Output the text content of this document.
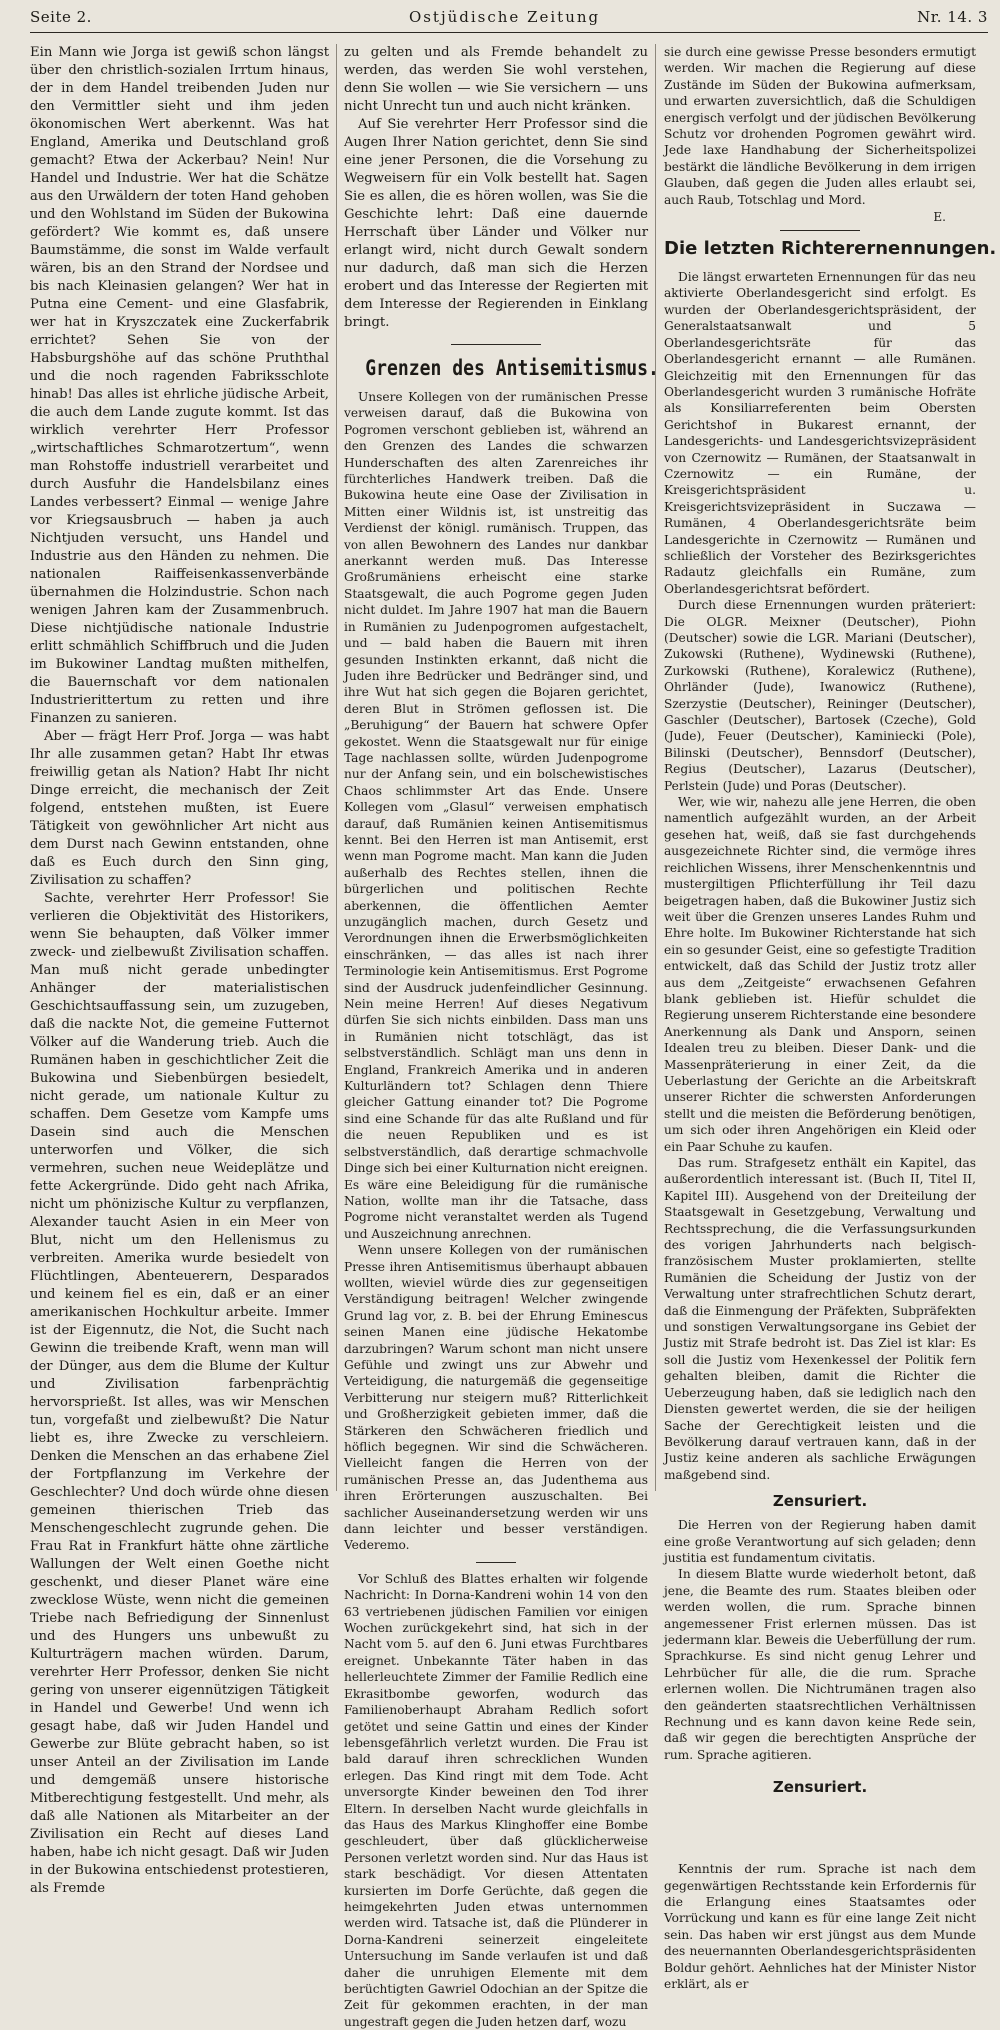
Seite 2.	Ostjüdische Zeitung	Nr. 14. 3

Ein Mann wie Jorga ist gewiß schon längst über den christlich-sozialen Irrtum hinaus, der in dem Handel treibenden Juden nur den Vermittler sieht und ihm jeden ökonomischen Wert aberkennt. Was hat England, Amerika und Deutschland groß gemacht? Etwa der Ackerbau? Nein! Nur Handel und Industrie. Wer hat die Schätze aus den Urwäldern der toten Hand gehoben und den Wohlstand im Süden der Bukowina gefördert? Wie kommt es, daß unsere Baumstämme, die sonst im Walde verfault wären, bis an den Strand der Nordsee und bis nach Kleinasien gelangen? Wer hat in Putna eine Cement- und eine Glasfabrik, wer hat in Kryszczatek eine Zuckerfabrik errichtet? Sehen Sie von der Habsburgshöhe auf das schöne Pruththal und die noch ragenden Fabriksschlote hinab! Das alles ist ehrliche jüdische Arbeit, die auch dem Lande zugute kommt. Ist das wirklich verehrter Herr Professor „wirtschaftliches Schmarotzertum“, wenn man Rohstoffe industriell verarbeitet und durch Ausfuhr die Handelsbilanz eines Landes verbessert? Einmal — wenige Jahre vor Kriegsausbruch — haben ja auch Nichtjuden versucht, uns Handel und Industrie aus den Händen zu nehmen. Die nationalen Raiffeisenkassenverbände übernahmen die Holzindustrie. Schon nach wenigen Jahren kam der Zusammenbruch. Diese nichtjüdische nationale Industrie erlitt schmählich Schiffbruch und die Juden im Bukowiner Landtag mußten mithelfen, die Bauernschaft vor dem nationalen Industrierittertum zu retten und ihre Finanzen zu sanieren.

Aber — frägt Herr Prof. Jorga — was habt Ihr alle zusammen getan? Habt Ihr etwas freiwillig getan als Nation? Habt Ihr nicht Dinge erreicht, die mechanisch der Zeit folgend, entstehen mußten, ist Euere Tätigkeit von gewöhnlicher Art nicht aus dem Durst nach Gewinn entstanden, ohne daß es Euch durch den Sinn ging, Zivilisation zu schaffen?

Sachte, verehrter Herr Professor! Sie verlieren die Objektivität des Historikers, wenn Sie behaupten, daß Völker immer zweck- und zielbewußt Zivilisation schaffen. Man muß nicht gerade unbedingter Anhänger der materialistischen Geschichtsauffassung sein, um zuzugeben, daß die nackte Not, die gemeine Futternot Völker auf die Wanderung trieb. Auch die Rumänen haben in geschichtlicher Zeit die Bukowina und Siebenbürgen besiedelt, nicht gerade, um nationale Kultur zu schaffen. Dem Gesetze vom Kampfe ums Dasein sind auch die Menschen unterworfen und Völker, die sich vermehren, suchen neue Weideplätze und fette Ackergründe. Dido geht nach Afrika, nicht um phönizische Kultur zu verpflanzen, Alexander taucht Asien in ein Meer von Blut, nicht um den Hellenismus zu verbreiten. Amerika wurde besiedelt von Flüchtlingen, Abenteuerern, Desparados und keinem fiel es ein, daß er an einer amerikanischen Hochkultur arbeite. Immer ist der Eigennutz, die Not, die Sucht nach Gewinn die treibende Kraft, wenn man will der Dünger, aus dem die Blume der Kultur und Zivilisation farbenprächtig hervorsprießt. Ist alles, was wir Menschen tun, vorgefaßt und zielbewußt? Die Natur liebt es, ihre Zwecke zu verschleiern. Denken die Menschen an das erhabene Ziel der Fortpflanzung im Verkehre der Geschlechter? Und doch würde ohne diesen gemeinen thierischen Trieb das Menschengeschlecht zugrunde gehen. Die Frau Rat in Frankfurt hätte ohne zärtliche Wallungen der Welt einen Goethe nicht geschenkt, und dieser Planet wäre eine zwecklose Wüste, wenn nicht die gemeinen Triebe nach Befriedigung der Sinnenlust und des Hungers uns unbewußt zu Kulturträgern machen würden. Darum, verehrter Herr Professor, denken Sie nicht gering von unserer eigennützigen Tätigkeit in Handel und Gewerbe! Und wenn ich gesagt habe, daß wir Juden Handel und Gewerbe zur Blüte gebracht haben, so ist unser Anteil an der Zivilisation im Lande und demgemäß unsere historische Mitberechtigung festgestellt. Und mehr, als daß alle Nationen als Mitarbeiter an der Zivilisation ein Recht auf dieses Land haben, habe ich nicht gesagt. Daß wir Juden in der Bukowina entschiedenst protestieren, als Fremde

zu gelten und als Fremde behandelt zu werden, das werden Sie wohl verstehen, denn Sie wollen — wie Sie versichern — uns nicht Unrecht tun und auch nicht kränken.

Auf Sie verehrter Herr Professor sind die Augen Ihrer Nation gerichtet, denn Sie sind eine jener Personen, die die Vorsehung zu Wegweisern für ein Volk bestellt hat. Sagen Sie es allen, die es hören wollen, was Sie die Geschichte lehrt: Daß eine dauernde Herrschaft über Länder und Völker nur erlangt wird, nicht durch Gewalt sondern nur dadurch, daß man sich die Herzen erobert und das Interesse der Regierten mit dem Interesse der Regierenden in Einklang bringt.

Grenzen des Antisemitismus.

Unsere Kollegen von der rumänischen Presse verweisen darauf, daß die Bukowina von Pogromen verschont geblieben ist, während an den Grenzen des Landes die schwarzen Hunderschaften des alten Zarenreiches ihr fürchterliches Handwerk treiben. Daß die Bukowina heute eine Oase der Zivilisation in Mitten einer Wildnis ist, ist unstreitig das Verdienst der königl. rumänisch. Truppen, das von allen Bewohnern des Landes nur dankbar anerkannt werden muß. Das Interesse Großrumäniens erheischt eine starke Staatsgewalt, die auch Pogrome gegen Juden nicht duldet. Im Jahre 1907 hat man die Bauern in Rumänien zu Judenpogromen aufgestachelt, und — bald haben die Bauern mit ihren gesunden Instinkten erkannt, daß nicht die Juden ihre Bedrücker und Bedränger sind, und ihre Wut hat sich gegen die Bojaren gerichtet, deren Blut in Strömen geflossen ist. Die „Beruhigung“ der Bauern hat schwere Opfer gekostet. Wenn die Staatsgewalt nur für einige Tage nachlassen sollte, würden Judenpogrome nur der Anfang sein, und ein bolschewistisches Chaos schlimmster Art das Ende. Unsere Kollegen vom „Glasul“ verweisen emphatisch darauf, daß Rumänien keinen Antisemitismus kennt. Bei den Herren ist man Antisemit, erst wenn man Pogrome macht. Man kann die Juden außerhalb des Rechtes stellen, ihnen die bürgerlichen und politischen Rechte aberkennen, die öffentlichen Aemter unzugänglich machen, durch Gesetz und Verordnungen ihnen die Erwerbsmöglichkeiten einschränken, — das alles ist nach ihrer Terminologie kein Antisemitismus. Erst Pogrome sind der Ausdruck judenfeindlicher Gesinnung. Nein meine Herren! Auf dieses Negativum dürfen Sie sich nichts einbilden. Dass man uns in Rumänien nicht totschlägt, das ist selbstverständlich. Schlägt man uns denn in England, Frankreich Amerika und in anderen Kulturländern tot? Schlagen denn Thiere gleicher Gattung einander tot? Die Pogrome sind eine Schande für das alte Rußland und für die neuen Republiken und es ist selbstverständlich, daß derartige schmachvolle Dinge sich bei einer Kulturnation nicht ereignen. Es wäre eine Beleidigung für die rumänische Nation, wollte man ihr die Tatsache, dass Pogrome nicht veranstaltet werden als Tugend und Auszeichnung anrechnen.

Wenn unsere Kollegen von der rumänischen Presse ihren Antisemitismus überhaupt abbauen wollten, wieviel würde dies zur gegenseitigen Verständigung beitragen! Welcher zwingende Grund lag vor, z. B. bei der Ehrung Eminescus seinen Manen eine jüdische Hekatombe darzubringen? Warum schont man nicht unsere Gefühle und zwingt uns zur Abwehr und Verteidigung, die naturgemäß die gegenseitige Verbitterung nur steigern muß? Ritterlichkeit und Großherzigkeit gebieten immer, daß die Stärkeren den Schwächeren friedlich und höflich begegnen. Wir sind die Schwächeren. Vielleicht fangen die Herren von der rumänischen Presse an, das Judenthema aus ihren Erörterungen auszuschalten. Bei sachlicher Auseinandersetzung werden wir uns dann leichter und besser verständigen. Vederemo.

Vor Schluß des Blattes erhalten wir folgende Nachricht: In Dorna-Kandreni wohin 14 von den 63 vertriebenen jüdischen Familien vor einigen Wochen zurückgekehrt sind, hat sich in der Nacht vom 5. auf den 6. Juni etwas Furchtbares ereignet. Unbekannte Täter haben in das hellerleuchtete Zimmer der Familie Redlich eine Ekrasitbombe geworfen, wodurch das Familienoberhaupt Abraham Redlich sofort getötet und seine Gattin und eines der Kinder lebensgefährlich verletzt wurden. Die Frau ist bald darauf ihren schrecklichen Wunden erlegen. Das Kind ringt mit dem Tode. Acht unversorgte Kinder beweinen den Tod ihrer Eltern. In derselben Nacht wurde gleichfalls in das Haus des Markus Klinghoffer eine Bombe geschleudert, über daß glücklicherweise Personen verletzt worden sind. Nur das Haus ist stark beschädigt. Vor diesen Attentaten kursierten im Dorfe Gerüchte, daß gegen die heimgekehrten Juden etwas unternommen werden wird. Tatsache ist, daß die Plünderer in Dorna-Kandreni seinerzeit eingeleitete Untersuchung im Sande verlaufen ist und daß daher die unruhigen Elemente mit dem berüchtigten Gawriel Odochian an der Spitze die Zeit für gekommen erachten, in der man ungestraft gegen die Juden hetzen darf, wozu

sie durch eine gewisse Presse besonders ermutigt werden. Wir machen die Regierung auf diese Zustände im Süden der Bukowina aufmerksam, und erwarten zuversichtlich, daß die Schuldigen energisch verfolgt und der jüdischen Bevölkerung Schutz vor drohenden Pogromen gewährt wird. Jede laxe Handhabung der Sicherheitspolizei bestärkt die ländliche Bevölkerung in dem irrigen Glauben, daß gegen die Juden alles erlaubt sei, auch Raub, Totschlag und Mord.

E.
Die letzten Richterernennungen.

Die längst erwarteten Ernennungen für das neu aktivierte Oberlandesgericht sind erfolgt. Es wurden der Oberlandesgerichtspräsident, der Generalstaatsanwalt und 5 Oberlandesgerichtsräte für das Oberlandesgericht ernannt — alle Rumänen. Gleichzeitig mit den Ernennungen für das Oberlandesgericht wurden 3 rumänische Hofräte als Konsiliarreferenten beim Obersten Gerichtshof in Bukarest ernannt, der Landesgerichts- und Landesgerichtsvizepräsident von Czernowitz — Rumänen, der Staatsanwalt in Czernowitz — ein Rumäne, der Kreisgerichtspräsident u. Kreisgerichtsvizepräsident in Suczawa — Rumänen, 4 Oberlandesgerichtsräte beim Landesgerichte in Czernowitz — Rumänen und schließlich der Vorsteher des Bezirksgerichtes Radautz gleichfalls ein Rumäne, zum Oberlandesgerichtsrat befördert.

Durch diese Ernennungen wurden präteriert: Die OLGR. Meixner (Deutscher), Piohn (Deutscher) sowie die LGR. Mariani (Deutscher), Zukowski (Ruthene), Wydinewski (Ruthene), Zurkowski (Ruthene), Koralewicz (Ruthene), Ohrländer (Jude), Iwanowicz (Ruthene), Szerzystie (Deutscher), Reininger (Deutscher), Gaschler (Deutscher), Bartosek (Czeche), Gold (Jude), Feuer (Deutscher), Kaminiecki (Pole), Bilinski (Deutscher), Bennsdorf (Deutscher), Regius (Deutscher), Lazarus (Deutscher), Perlstein (Jude) und Poras (Deutscher).

Wer, wie wir, nahezu alle jene Herren, die oben namentlich aufgezählt wurden, an der Arbeit gesehen hat, weiß, daß sie fast durchgehends ausgezeichnete Richter sind, die vermöge ihres reichlichen Wissens, ihrer Menschenkenntnis und mustergiltigen Pflichterfüllung ihr Teil dazu beigetragen haben, daß die Bukowiner Justiz sich weit über die Grenzen unseres Landes Ruhm und Ehre holte. Im Bukowiner Richterstande hat sich ein so gesunder Geist, eine so gefestigte Tradition entwickelt, daß das Schild der Justiz trotz aller aus dem „Zeitgeiste“ erwachsenen Gefahren blank geblieben ist. Hiefür schuldet die Regierung unserem Richterstande eine besondere Anerkennung als Dank und Ansporn, seinen Idealen treu zu bleiben. Dieser Dank- und die Massenpräterierung in einer Zeit, da die Ueberlastung der Gerichte an die Arbeitskraft unserer Richter die schwersten Anforderungen stellt und die meisten die Beförderung benötigen, um sich oder ihren Angehörigen ein Kleid oder ein Paar Schuhe zu kaufen.

Das rum. Strafgesetz enthält ein Kapitel, das außerordentlich interessant ist. (Buch II, Titel II, Kapitel III). Ausgehend von der Dreiteilung der Staatsgewalt in Gesetzgebung, Verwaltung und Rechtssprechung, die die Verfassungsurkunden des vorigen Jahrhunderts nach belgisch-französischem Muster proklamierten, stellte Rumänien die Scheidung der Justiz von der Verwaltung unter strafrechtlichen Schutz derart, daß die Einmengung der Präfekten, Subpräfekten und sonstigen Verwaltungsorgane ins Gebiet der Justiz mit Strafe bedroht ist. Das Ziel ist klar: Es soll die Justiz vom Hexenkessel der Politik fern gehalten bleiben, damit die Richter die Ueberzeugung haben, daß sie lediglich nach den Diensten gewertet werden, die sie der heiligen Sache der Gerechtigkeit leisten und die Bevölkerung darauf vertrauen kann, daß in der Justiz keine anderen als sachliche Erwägungen maßgebend sind.

Zensuriert.

Die Herren von der Regierung haben damit eine große Verantwortung auf sich geladen; denn justitia est fundamentum civitatis.

In diesem Blatte wurde wiederholt betont, daß jene, die Beamte des rum. Staates bleiben oder werden wollen, die rum. Sprache binnen angemessener Frist erlernen müssen. Das ist jedermann klar. Beweis die Ueberfüllung der rum. Sprachkurse. Es sind nicht genug Lehrer und Lehrbücher für alle, die die rum. Sprache erlernen wollen. Die Nichtrumänen tragen also den geänderten staatsrechtlichen Verhältnissen Rechnung und es kann davon keine Rede sein, daß wir gegen die berechtigten Ansprüche der rum. Sprache agitieren.

Zensuriert.

Kenntnis der rum. Sprache ist nach dem gegenwärtigen Rechtsstande kein Erfordernis für die Erlangung eines Staatsamtes oder Vorrückung und kann es für eine lange Zeit nicht sein. Das haben wir erst jüngst aus dem Munde des neuernannten Oberlandesgerichtspräsidenten Boldur gehört. Aehnliches hat der Minister Nistor erklärt, als er
